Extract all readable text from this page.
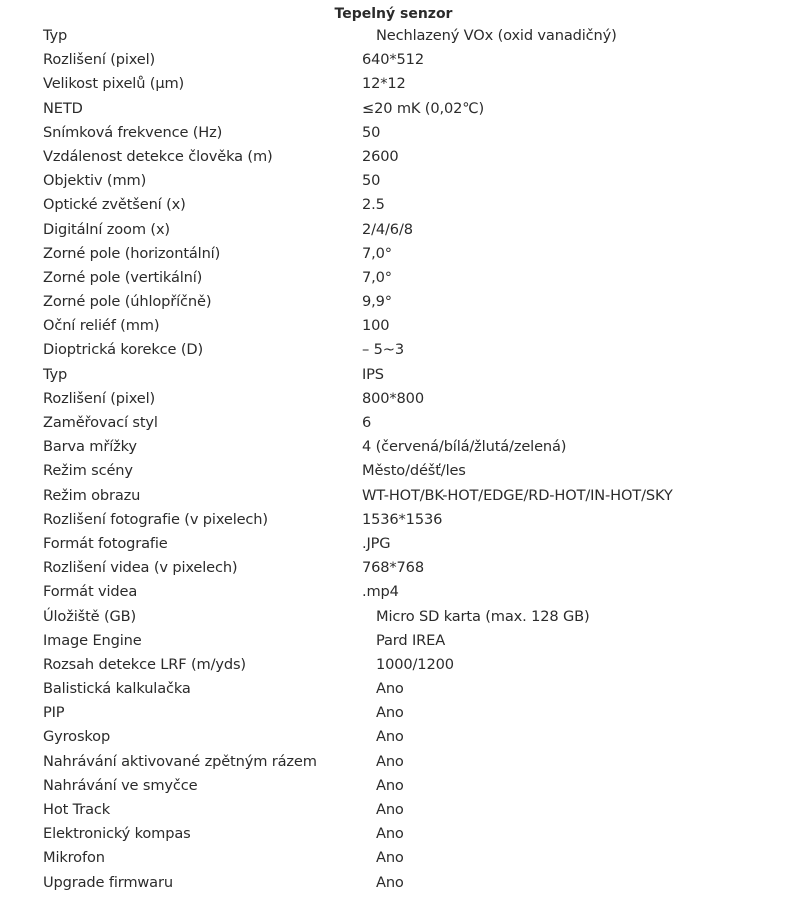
Tepelný senzor
Typ	Nechlazený VOx (oxid vanadičný)
Rozlišení (pixel)	640*512
Velikost pixelů (μm)	12*12
NETD	≤20 mK (0,02℃)
Snímková frekvence (Hz)	50
Vzdálenost detekce člověka (m)	2600
Objektiv (mm)	50
Optické zvětšení (x)	2.5
Digitální zoom (x)	2/4/6/8
Zorné pole (horizontální)	7,0°
Zorné pole (vertikální)	7,0°
Zorné pole (úhlopříčně)	9,9°
Oční reliéf (mm)	100
Dioptrická korekce (D)	– 5~3
Typ	IPS
Rozlišení (pixel)	800*800
Zaměřovací styl	6
Barva mřížky	4 (červená/bílá/žlutá/zelená)
Režim scény	Město/déšť/les
Režim obrazu	WT-HOT/BK-HOT/EDGE/RD-HOT/IN-HOT/SKY
Rozlišení fotografie (v pixelech)	1536*1536
Formát fotografie	.JPG
Rozlišení videa (v pixelech)	768*768
Formát videa	.mp4
Úložiště (GB)	Micro SD karta (max. 128 GB)
Image Engine	Pard IREA
Rozsah detekce LRF (m/yds)	1000/1200
Balistická kalkulačka	Ano
PIP	Ano
Gyroskop	Ano
Nahrávání aktivované zpětným rázem	Ano
Nahrávání ve smyčce	Ano
Hot Track	Ano
Elektronický kompas	Ano
Mikrofon	Ano
Upgrade firmwaru	Ano
